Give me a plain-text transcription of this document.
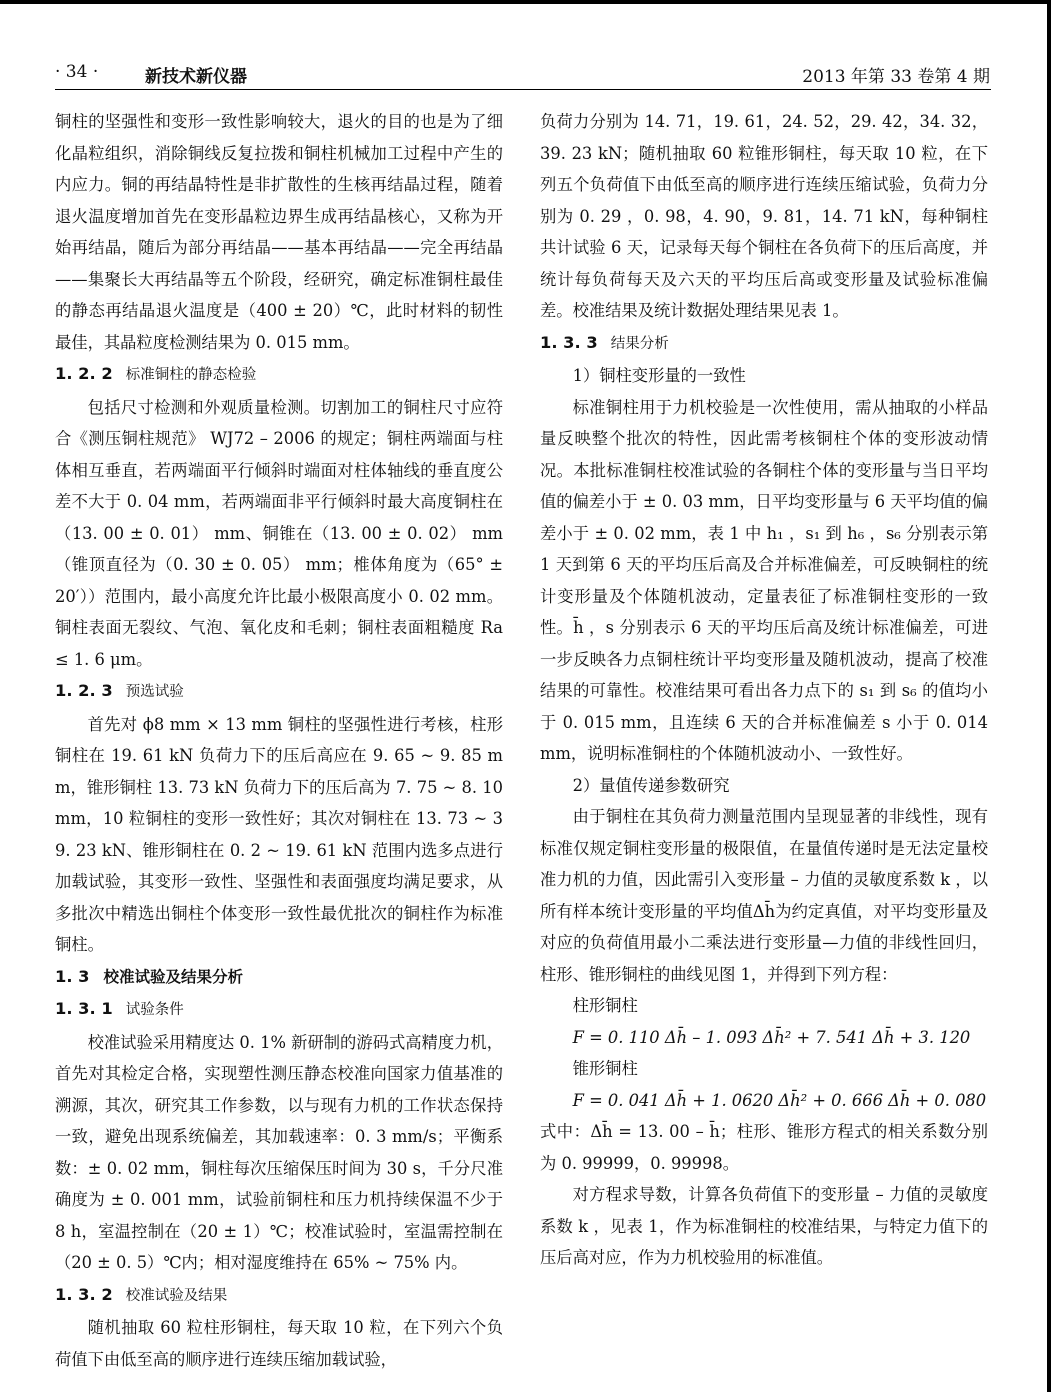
· 34 ·	新技术新仪器	2013 年第 33 卷第 4 期

铜柱的坚强性和变形一致性影响较大，退火的目的也是为了细化晶粒组织，消除铜线反复拉拨和铜柱机械加工过程中产生的内应力。铜的再结晶特性是非扩散性的生核再结晶过程，随着退火温度增加首先在变形晶粒边界生成再结晶核心，又称为开始再结晶，随后为部分再结晶——基本再结晶——完全再结晶——集聚长大再结晶等五个阶段，经研究，确定标准铜柱最佳的静态再结晶退火温度是（400 ± 20）℃，此时材料的韧性最佳，其晶粒度检测结果为 0. 015 mm。

1. 2. 2 标准铜柱的静态检验

包括尺寸检测和外观质量检测。切割加工的铜柱尺寸应符合《测压铜柱规范》 WJ72 – 2006 的规定；铜柱两端面与柱体相互垂直，若两端面平行倾斜时端面对柱体轴线的垂直度公差不大于 0. 04 mm，若两端面非平行倾斜时最大高度铜柱在（13. 00 ± 0. 01） mm、铜锥在（13. 00 ± 0. 02） mm（锥顶直径为（0. 30 ± 0. 05） mm；椎体角度为（65° ± 20′））范围内，最小高度允许比最小极限高度小 0. 02 mm。铜柱表面无裂纹、气泡、氧化皮和毛刺；铜柱表面粗糙度 Ra ≤ 1. 6 μm。

1. 2. 3 预选试验

首先对 ϕ8 mm × 13 mm 铜柱的坚强性进行考核，柱形铜柱在 19. 61 kN 负荷力下的压后高应在 9. 65 ~ 9. 85 mm，锥形铜柱 13. 73 kN 负荷力下的压后高为 7. 75 ~ 8. 10 mm，10 粒铜柱的变形一致性好；其次对铜柱在 13. 73 ~ 39. 23 kN、锥形铜柱在 0. 2 ~ 19. 61 kN 范围内选多点进行加载试验，其变形一致性、坚强性和表面强度均满足要求，从多批次中精选出铜柱个体变形一致性最优批次的铜柱作为标准铜柱。

1. 3 校准试验及结果分析
1. 3. 1 试验条件

校准试验采用精度达 0. 1% 新研制的游码式高精度力机，首先对其检定合格，实现塑性测压静态校准向国家力值基准的溯源，其次，研究其工作参数，以与现有力机的工作状态保持一致，避免出现系统偏差，其加载速率：0. 3 mm/s；平衡系数：± 0. 02 mm，铜柱每次压缩保压时间为 30 s，千分尺准确度为 ± 0. 001 mm，试验前铜柱和压力机持续保温不少于 8 h，室温控制在（20 ± 1）℃；校准试验时，室温需控制在（20 ± 0. 5）℃内；相对湿度维持在 65% ~ 75% 内。

1. 3. 2 校准试验及结果

随机抽取 60 粒柱形铜柱，每天取 10 粒，在下列六个负荷值下由低至高的顺序进行连续压缩加载试验，

负荷力分别为 14. 71，19. 61，24. 52，29. 42，34. 32，39. 23 kN；随机抽取 60 粒锥形铜柱，每天取 10 粒，在下列五个负荷值下由低至高的顺序进行连续压缩试验，负荷力分别为 0. 29 ，0. 98，4. 90，9. 81，14. 71 kN，每种铜柱共计试验 6 天，记录每天每个铜柱在各负荷下的压后高度，并统计每负荷每天及六天的平均压后高或变形量及试验标准偏差。校准结果及统计数据处理结果见表 1。

1. 3. 3 结果分析
1）铜柱变形量的一致性

标准铜柱用于力机校验是一次性使用，需从抽取的小样品量反映整个批次的特性，因此需考核铜柱个体的变形波动情况。本批标准铜柱校准试验的各铜柱个体的变形量与当日平均值的偏差小于 ± 0. 03 mm，日平均变形量与 6 天平均值的偏差小于 ± 0. 02 mm，表 1 中 h₁ ，s₁ 到 h₆ ，s₆ 分别表示第 1 天到第 6 天的平均压后高及合并标准偏差，可反映铜柱的统计变形量及个体随机波动，定量表征了标准铜柱变形的一致性。h̄ ，s 分别表示 6 天的平均压后高及统计标准偏差，可进一步反映各力点铜柱统计平均变形量及随机波动，提高了校准结果的可靠性。校准结果可看出各力点下的 s₁ 到 s₆ 的值均小于 0. 015 mm，且连续 6 天的合并标准偏差 s 小于 0. 014 mm，说明标准铜柱的个体随机波动小、一致性好。

2）量值传递参数研究

由于铜柱在其负荷力测量范围内呈现显著的非线性，现有标准仅规定铜柱变形量的极限值，在量值传递时是无法定量校准力机的力值，因此需引入变形量 – 力值的灵敏度系数 k ，以所有样本统计变形量的平均值Δh̄为约定真值，对平均变形量及对应的负荷值用最小二乘法进行变形量—力值的非线性回归，柱形、锥形铜柱的曲线见图 1，并得到下列方程：

柱形铜柱
F = 0. 110 Δh̄ – 1. 093 Δh̄² + 7. 541 Δh̄ + 3. 120
锥形铜柱
F = 0. 041 Δh̄ + 1. 0620 Δh̄² + 0. 666 Δh̄ + 0. 080

式中：Δh̄ = 13. 00 – h̄；柱形、锥形方程式的相关系数分别为 0. 99999，0. 99998。

对方程求导数，计算各负荷值下的变形量 – 力值的灵敏度系数 k ，见表 1，作为标准铜柱的校准结果，与特定力值下的压后高对应，作为力机校验用的标准值。
